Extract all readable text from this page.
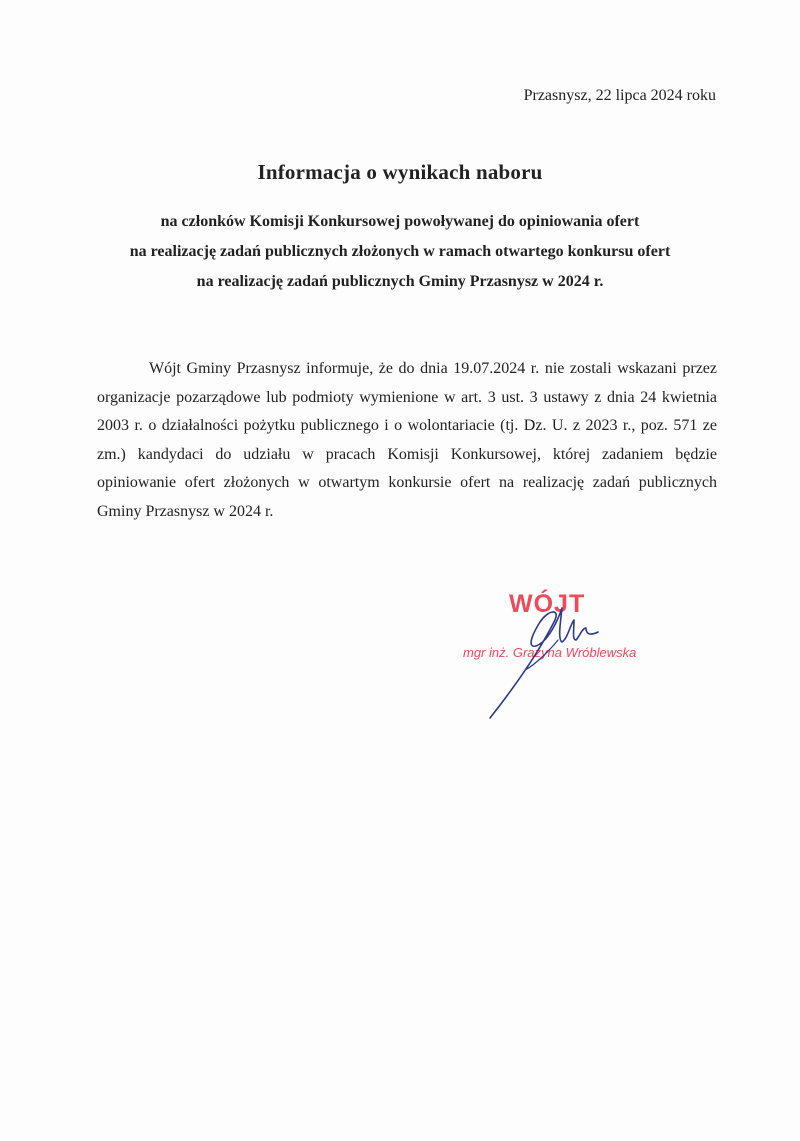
Przasnysz, 22 lipca 2024 roku
Informacja o wynikach naboru
na członków Komisji Konkursowej powoływanej do opiniowania ofert
na realizację zadań publicznych złożonych w ramach otwartego konkursu ofert
na realizację zadań publicznych Gminy Przasnysz w 2024 r.
Wójt Gminy Przasnysz informuje, że do dnia 19.07.2024 r. nie zostali wskazani przez organizacje pozarządowe lub podmioty wymienione w art. 3 ust. 3 ustawy z dnia 24 kwietnia 2003 r. o działalności pożytku publicznego i o wolontariacie (tj. Dz. U. z 2023 r., poz. 571 ze zm.) kandydaci do udziału w pracach Komisji Konkursowej, której zadaniem będzie opiniowanie ofert złożonych w otwartym konkursie ofert na realizację zadań publicznych Gminy Przasnysz w 2024 r.
WÓJT
mgr inż. Grażyna Wróblewska
